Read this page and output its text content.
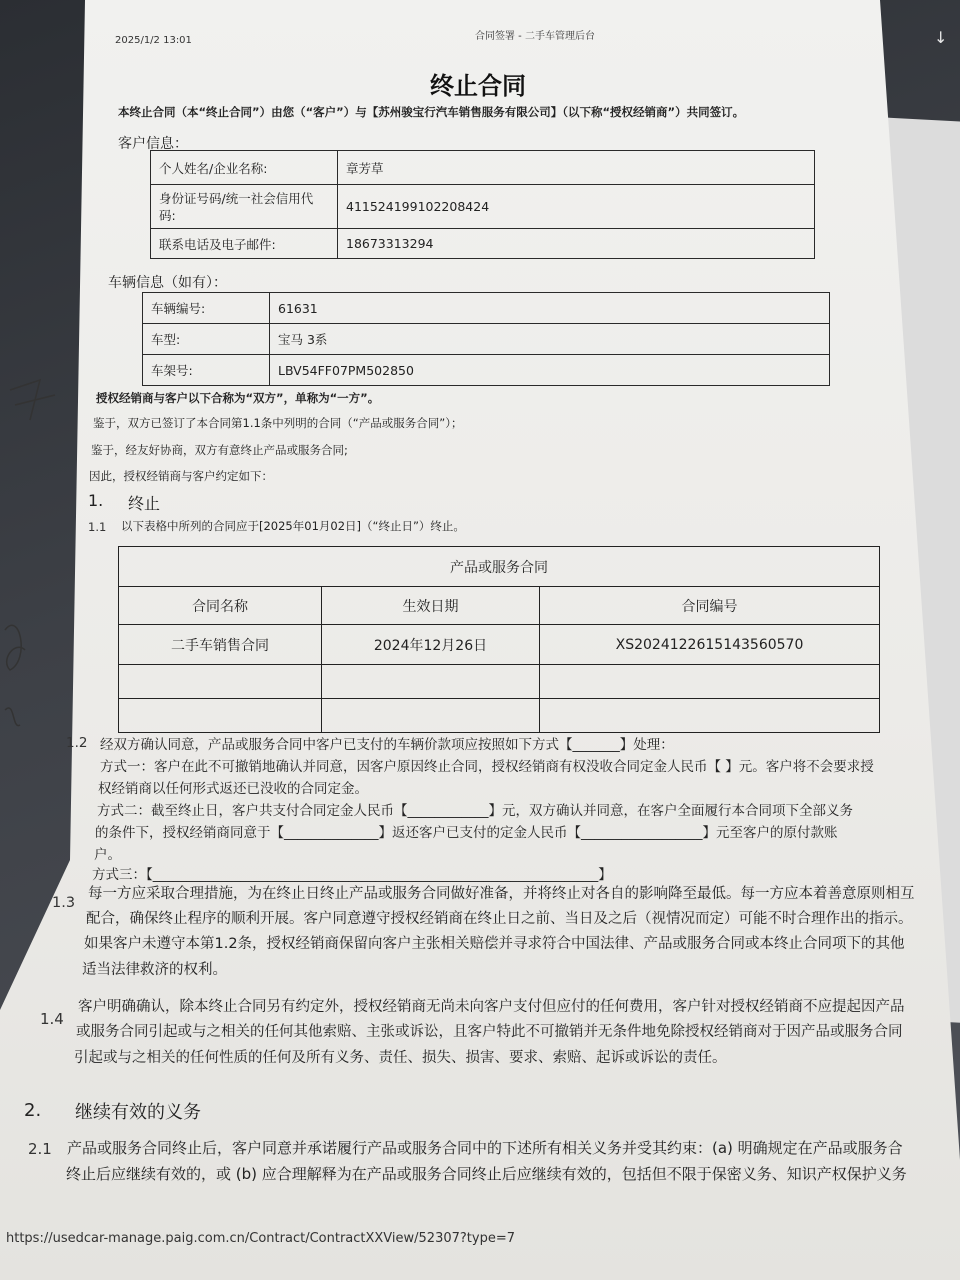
2025/1/2 13:01	合同签署 - 二手车管理后台	↓
终止合同
本终止合同（本“终止合同”）由您（“客户”）与【苏州骏宝行汽车销售服务有限公司】（以下称“授权经销商”）共同签订。
客户信息：
个人姓名/企业名称:	章芳草
身份证号码/统一社会信用代码:	411524199102208424
联系电话及电子邮件:	18673313294
车辆信息（如有）：
车辆编号:	61631
车型:	宝马 3系
车架号:	LBV54FF07PM502850
授权经销商与客户以下合称为“双方”，单称为“一方”。
鉴于，双方已签订了本合同第1.1条中列明的合同（“产品或服务合同”）；
鉴于，经友好协商，双方有意终止产品或服务合同;
因此，授权经销商与客户约定如下：
1. 终止
1.1 以下表格中所列的合同应于[2025年01月02日]（“终止日”）终止。
产品或服务合同		
合同名称	生效日期	合同编号
二手车销售合同	2024年12月26日	XS2024122615143560570

1.2 经双方确认同意，产品或服务合同中客户已支付的车辆价款项应按照如下方式【_______】处理：
方式一：客户在此不可撤销地确认并同意，因客户原因终止合同，授权经销商有权没收合同定金人民币【 】元。客户将不会要求授
权经销商以任何形式返还已没收的合同定金。
方式二：截至终止日，客户共支付合同定金人民币【____________】元，双方确认并同意，在客户全面履行本合同项下全部义务
的条件下，授权经销商同意于【______________】返还客户已支付的定金人民币【__________________】元至客户的原付款账
户。
方式三：【__________________________________________________________________】
1.3
每一方应采取合理措施，为在终止日终止产品或服务合同做好准备，并将终止对各自的影响降至最低。每一方应本着善意原则相互
配合，确保终止程序的顺利开展。客户同意遵守授权经销商在终止日之前、当日及之后（视情况而定）可能不时合理作出的指示。
如果客户未遵守本第1.2条，授权经销商保留向客户主张相关赔偿并寻求符合中国法律、产品或服务合同或本终止合同项下的其他
适当法律救济的权利。
1.4
客户明确确认，除本终止合同另有约定外，授权经销商无尚未向客户支付但应付的任何费用，客户针对授权经销商不应提起因产品
或服务合同引起或与之相关的任何其他索赔、主张或诉讼，且客户特此不可撤销并无条件地免除授权经销商对于因产品或服务合同
引起或与之相关的任何性质的任何及所有义务、责任、损失、损害、要求、索赔、起诉或诉讼的责任。
2. 继续有效的义务
2.1 产品或服务合同终止后，客户同意并承诺履行产品或服务合同中的下述所有相关义务并受其约束：(a) 明确规定在产品或服务合
终止后应继续有效的，或 (b) 应合理解释为在产品或服务合同终止后应继续有效的，包括但不限于保密义务、知识产权保护义务
https://usedcar-manage.paig.com.cn/Contract/ContractXXView/52307?type=7
